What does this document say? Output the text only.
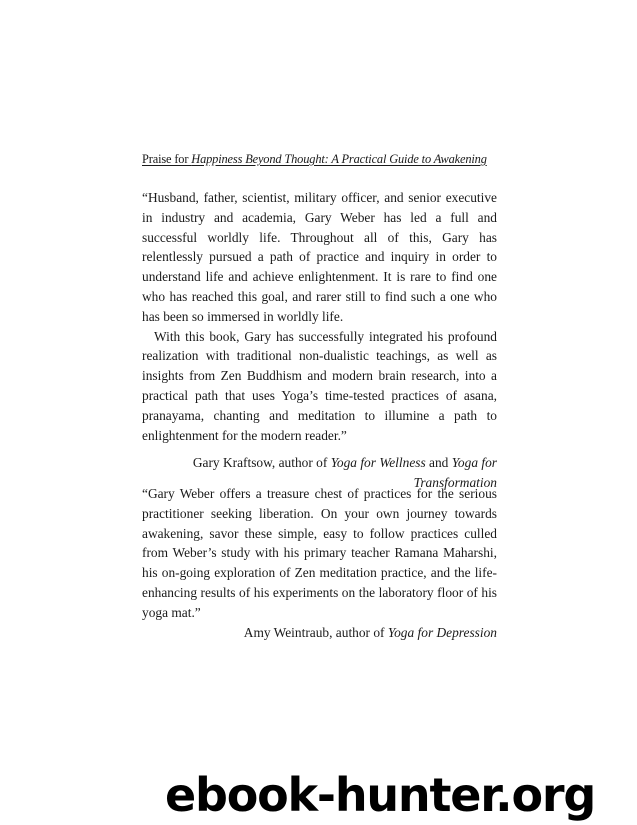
Praise for Happiness Beyond Thought: A Practical Guide to Awakening

“Husband, father, scientist, military officer, and senior executive in industry and academia, Gary Weber has led a full and successful worldly life. Throughout all of this, Gary has relentlessly pursued a path of practice and inquiry in order to understand life and achieve enlightenment. It is rare to find one who has reached this goal, and rarer still to find such a one who has been so immersed in worldly life.

With this book, Gary has successfully integrated his profound realization with traditional non-dualistic teachings, as well as insights from Zen Buddhism and modern brain research, into a practical path that uses Yoga’s time-tested practices of asana, pranayama, chanting and meditation to illumine a path to enlightenment for the modern reader.”

Gary Kraftsow, author of Yoga for Wellness and Yoga for Transformation

“Gary Weber offers a treasure chest of practices for the serious practitioner seeking liberation. On your own journey towards awakening, savor these simple, easy to follow practices culled from Weber’s study with his primary teacher Ramana Maharshi, his on-going exploration of Zen meditation practice, and the life-enhancing results of his experiments on the laboratory floor of his yoga mat.”

Amy Weintraub, author of Yoga for Depression

ebook-hunter.org
